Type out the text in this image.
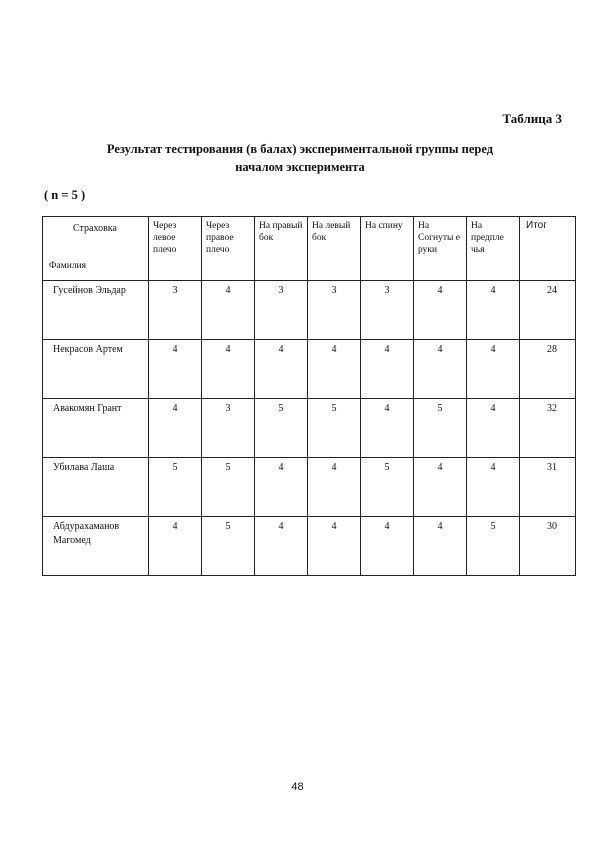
Таблица 3
Результат тестирования (в балах) экспериментальной группы перед
началом эксперимента
( n = 5 )
Страховка
Фамилия	Через левое плечо	Через правое плечо	На правый бок	На левый бок	На спину	На Согнуты е руки	На предпле чья	Итог
Гусейнов Эльдар	3	4	3	3	3	4	4	24
Некрасов Артем	4	4	4	4	4	4	4	28
Авакомян Грант	4	3	5	5	4	5	4	32
Убилава Лаша	5	5	4	4	5	4	4	31
Абдурахаманов Магомед	4	5	4	4	4	4	5	30
48
